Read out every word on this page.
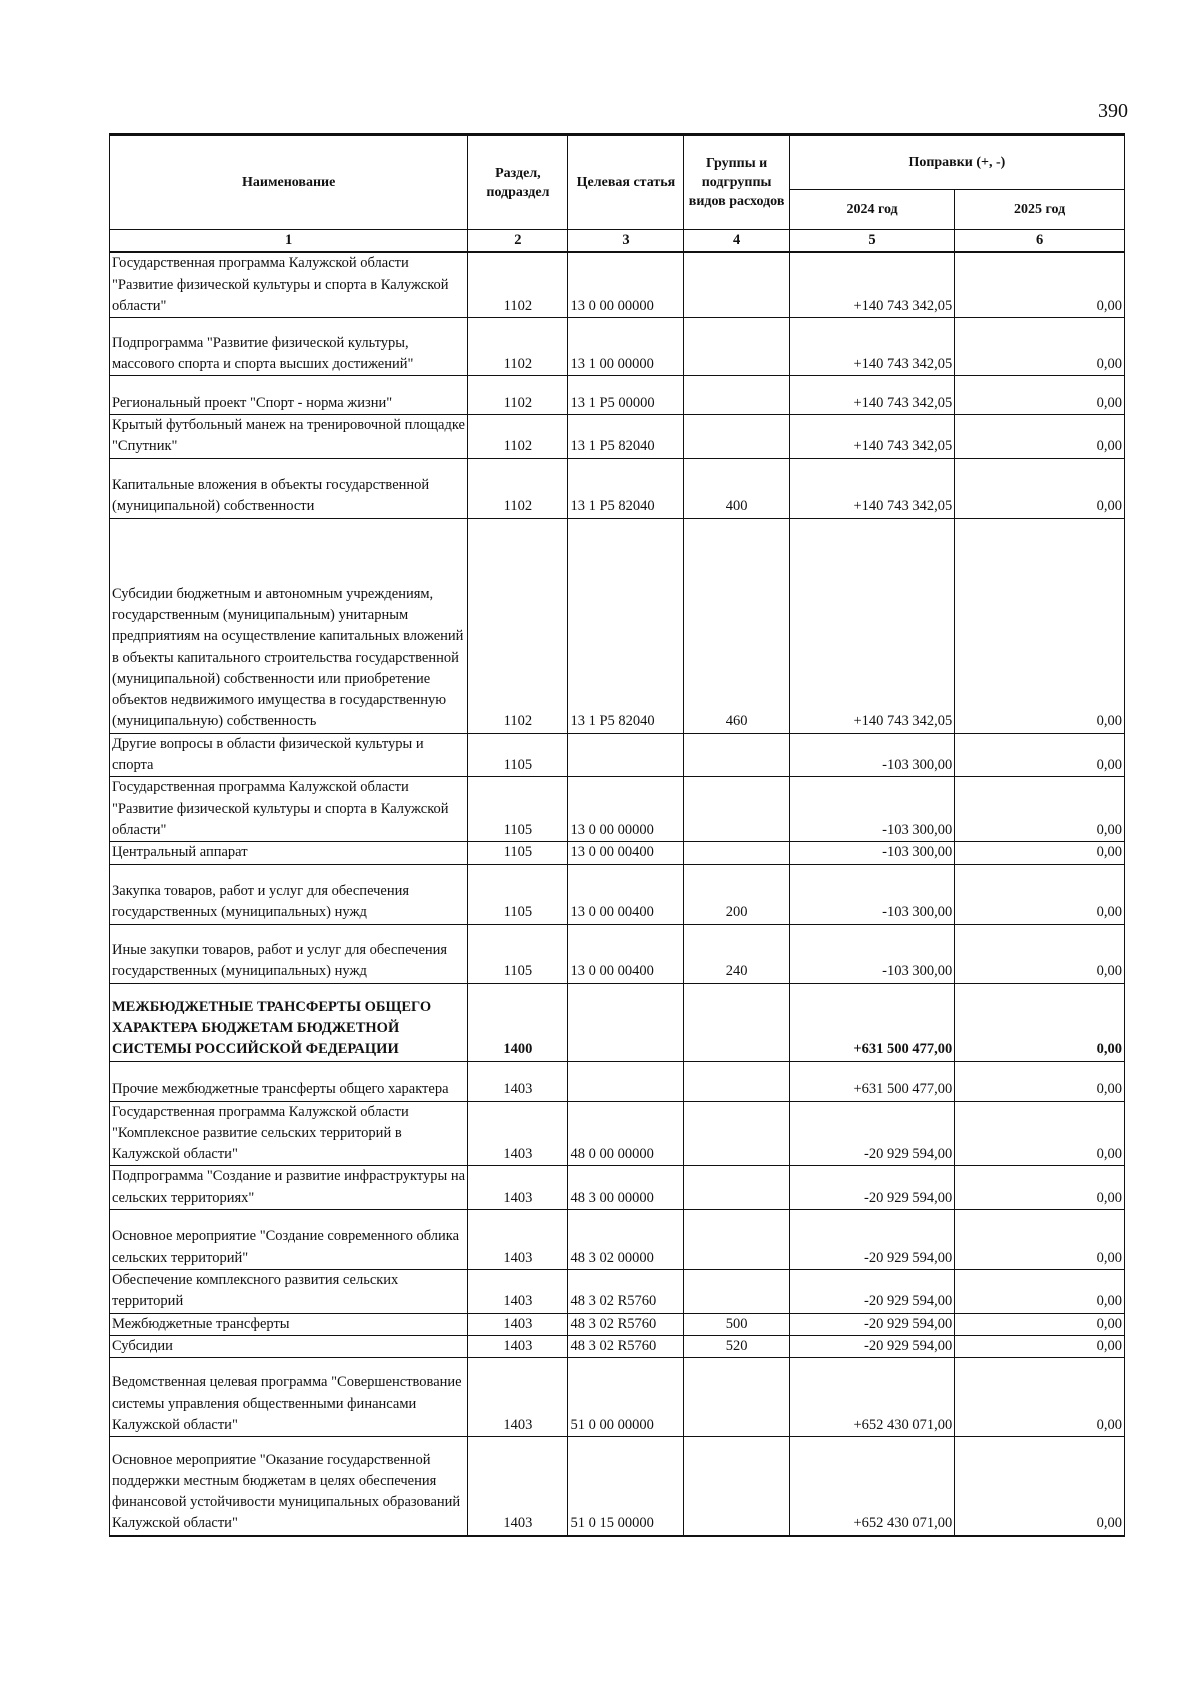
390
Наименование	Раздел, подраздел	Целевая статья	Группы и подгруппы видов расходов	Поправки (+, -)	
				2024 год	2025 год
1	2	3	4	5	6
Государственная программа Калужской области "Развитие физической культуры и спорта в Калужской области"	1102	13 0 00 00000		+140 743 342,05	0,00
Подпрограмма "Развитие физической культуры, массового спорта и спорта высших достижений"	1102	13 1 00 00000		+140 743 342,05	0,00
Региональный проект "Спорт - норма жизни"	1102	13 1 P5 00000		+140 743 342,05	0,00
Крытый футбольный манеж на тренировочной площадке "Спутник"	1102	13 1 P5 82040		+140 743 342,05	0,00
Капитальные вложения в объекты государственной (муниципальной) собственности	1102	13 1 P5 82040	400	+140 743 342,05	0,00
Субсидии бюджетным и автономным учреждениям, государственным (муниципальным) унитарным предприятиям на осуществление капитальных вложений в объекты капитального строительства государственной (муниципальной) собственности или приобретение объектов недвижимого имущества в государственную (муниципальную) собственность	1102	13 1 P5 82040	460	+140 743 342,05	0,00
Другие вопросы в области физической культуры и спорта	1105			-103 300,00	0,00
Государственная программа Калужской области "Развитие физической культуры и спорта в Калужской области"	1105	13 0 00 00000		-103 300,00	0,00
Центральный аппарат	1105	13 0 00 00400		-103 300,00	0,00
Закупка товаров, работ и услуг для обеспечения государственных (муниципальных) нужд	1105	13 0 00 00400	200	-103 300,00	0,00
Иные закупки товаров, работ и услуг для обеспечения государственных (муниципальных) нужд	1105	13 0 00 00400	240	-103 300,00	0,00
МЕЖБЮДЖЕТНЫЕ ТРАНСФЕРТЫ ОБЩЕГО ХАРАКТЕРА БЮДЖЕТАМ БЮДЖЕТНОЙ СИСТЕМЫ РОССИЙСКОЙ ФЕДЕРАЦИИ	1400			+631 500 477,00	0,00
Прочие межбюджетные трансферты общего характера	1403			+631 500 477,00	0,00
Государственная программа Калужской области "Комплексное развитие сельских территорий в Калужской области"	1403	48 0 00 00000		-20 929 594,00	0,00
Подпрограмма "Создание и развитие инфраструктуры на сельских территориях"	1403	48 3 00 00000		-20 929 594,00	0,00
Основное мероприятие "Создание современного облика сельских территорий"	1403	48 3 02 00000		-20 929 594,00	0,00
Обеспечение комплексного развития сельских территорий	1403	48 3 02 R5760		-20 929 594,00	0,00
Межбюджетные трансферты	1403	48 3 02 R5760	500	-20 929 594,00	0,00
Субсидии	1403	48 3 02 R5760	520	-20 929 594,00	0,00
Ведомственная целевая программа "Совершенствование системы управления общественными финансами Калужской области"	1403	51 0 00 00000		+652 430 071,00	0,00
Основное мероприятие "Оказание государственной поддержки местным бюджетам в целях обеспечения финансовой устойчивости муниципальных образований Калужской области"	1403	51 0 15 00000		+652 430 071,00	0,00
